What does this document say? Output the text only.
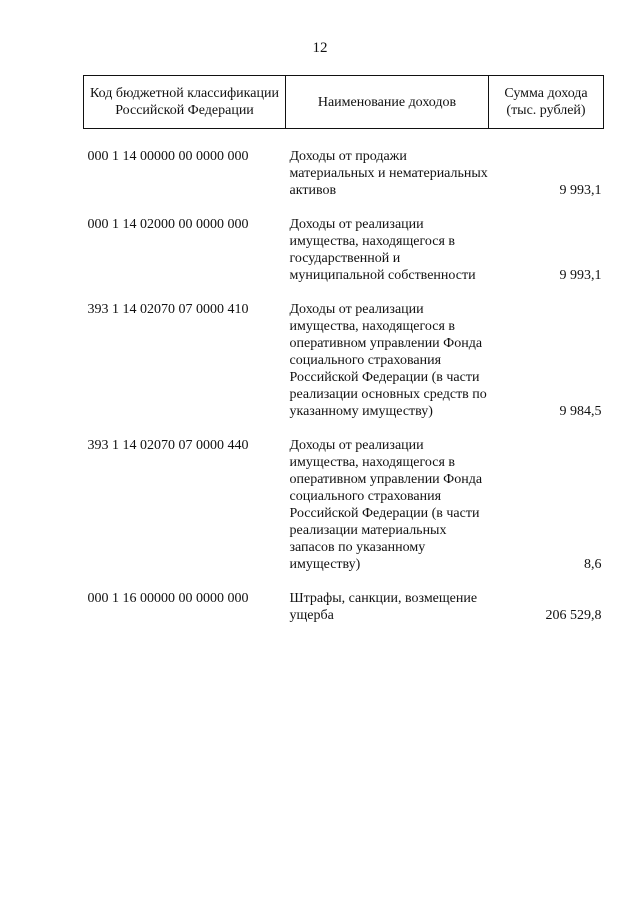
12
Код бюджетной классификации Российской Федерации	Наименование доходов	Сумма дохода (тыс. рублей)

000 1 14 00000 00 0000 000	Доходы от продажи материальных и нематериальных активов	9 993,1

000 1 14 02000 00 0000 000	Доходы от реализации имущества, находящегося в государственной и муниципальной собственности	9 993,1

393 1 14 02070 07 0000 410	Доходы от реализации имущества, находящегося в оперативном управлении Фонда социального страхования Российской Федерации (в части реализации основных средств по указанному имуществу)	9 984,5

393 1 14 02070 07 0000 440	Доходы от реализации имущества, находящегося в оперативном управлении Фонда социального страхования Российской Федерации (в части реализации материальных запасов по указанному имуществу)	8,6

000 1 16 00000 00 0000 000	Штрафы, санкции, возмещение ущерба	206 529,8
